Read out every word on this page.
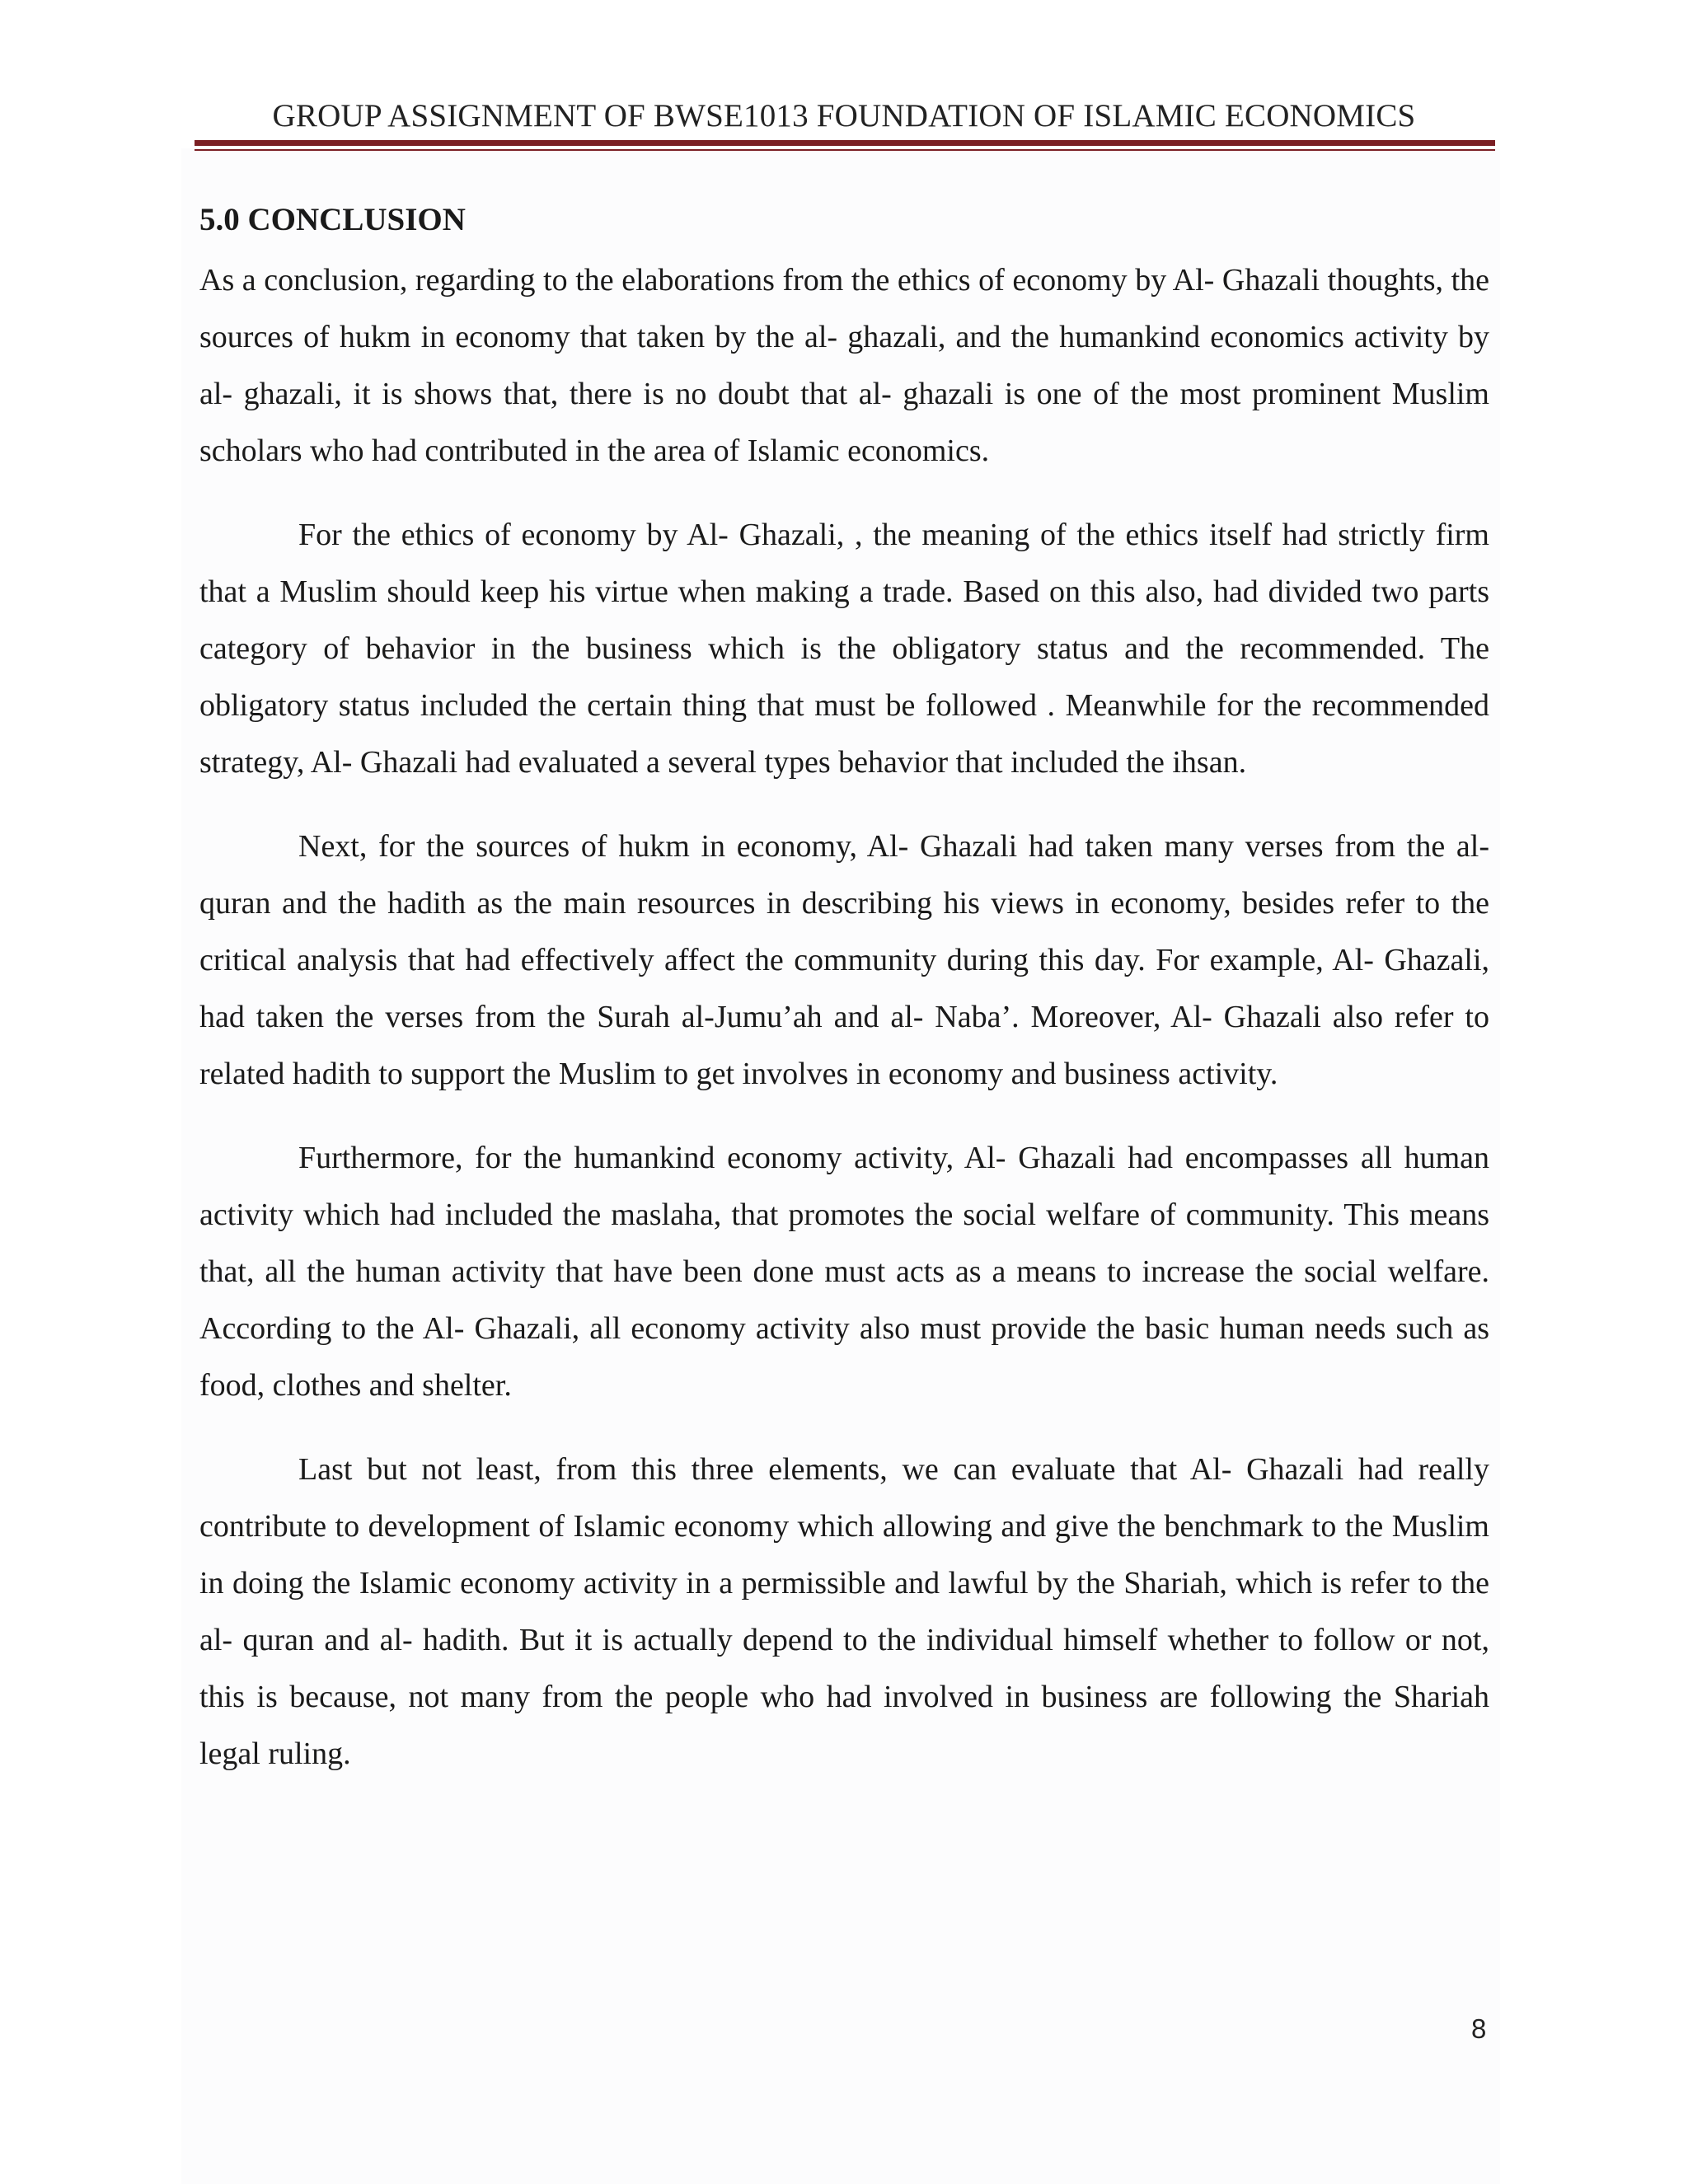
GROUP ASSIGNMENT OF BWSE1013 FOUNDATION OF ISLAMIC ECONOMICS
5.0 CONCLUSION

As a conclusion, regarding to the elaborations from the ethics of economy by Al- Ghazali thoughts, the sources of hukm in economy that taken by the al- ghazali, and the humankind economics activity by al- ghazali, it is shows that, there is no doubt that al- ghazali is one of the most prominent Muslim scholars who had contributed in the area of Islamic economics.

For the ethics of economy by Al- Ghazali, , the meaning of the ethics itself had strictly firm that a Muslim should keep his virtue when making a trade. Based on this also, had divided two parts category of behavior in the business which is the obligatory status and the recommended. The obligatory status included the certain thing that must be followed . Meanwhile for the recommended strategy, Al- Ghazali had evaluated a several types behavior that included the ihsan.

Next, for the sources of hukm in economy, Al- Ghazali had taken many verses from the al- quran and the hadith as the main resources in describing his views in economy, besides refer to the critical analysis that had effectively affect the community during this day. For example, Al- Ghazali, had taken the verses from the Surah al-Jumu’ah and al- Naba’. Moreover, Al- Ghazali also refer to related hadith to support the Muslim to get involves in economy and business activity.

Furthermore, for the humankind economy activity, Al- Ghazali had encompasses all human activity which had included the maslaha, that promotes the social welfare of community. This means that, all the human activity that have been done must acts as a means to increase the social welfare. According to the Al- Ghazali, all economy activity also must provide the basic human needs such as food, clothes and shelter.

Last but not least, from this three elements, we can evaluate that Al- Ghazali had really contribute to development of Islamic economy which allowing and give the benchmark to the Muslim in doing the Islamic economy activity in a permissible and lawful by the Shariah, which is refer to the al- quran and al- hadith. But it is actually depend to the individual himself whether to follow or not, this is because, not many from the people who had involved in business are following the Shariah legal ruling.

8
